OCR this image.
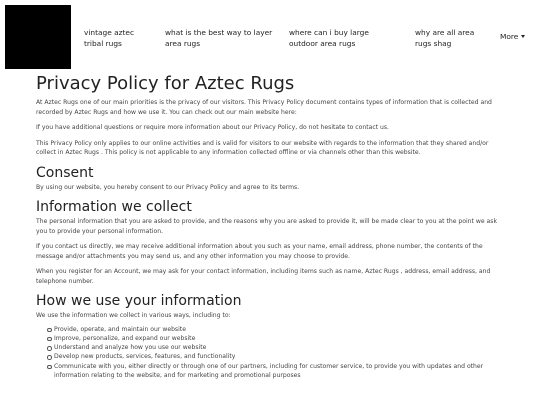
vintage aztec tribal rugs
what is the best way to layer area rugs
where can i buy large outdoor area rugs
why are all area rugs shag
More
Privacy Policy for Aztec Rugs

At Aztec Rugs one of our main priorities is the privacy of our visitors. This Privacy Policy document contains types of information that is collected and recorded by Aztec Rugs and how we use it. You can check out our main website here:

If you have additional questions or require more information about our Privacy Policy, do not hesitate to contact us.

This Privacy Policy only applies to our online activities and is valid for visitors to our website with regards to the information that they shared and/or collect in Aztec Rugs . This policy is not applicable to any information collected offline or via channels other than this website.

Consent

By using our website, you hereby consent to our Privacy Policy and agree to its terms.

Information we collect

The personal information that you are asked to provide, and the reasons why you are asked to provide it, will be made clear to you at the point we ask you to provide your personal information.

If you contact us directly, we may receive additional information about you such as your name, email address, phone number, the contents of the message and/or attachments you may send us, and any other information you may choose to provide.

When you register for an Account, we may ask for your contact information, including items such as name, Aztec Rugs , address, email address, and telephone number.

How we use your information

We use the information we collect in various ways, including to:

Provide, operate, and maintain our website
Improve, personalize, and expand our website
Understand and analyze how you use our website
Develop new products, services, features, and functionality
Communicate with you, either directly or through one of our partners, including for customer service, to provide you with updates and other information relating to the website, and for marketing and promotional purposes
